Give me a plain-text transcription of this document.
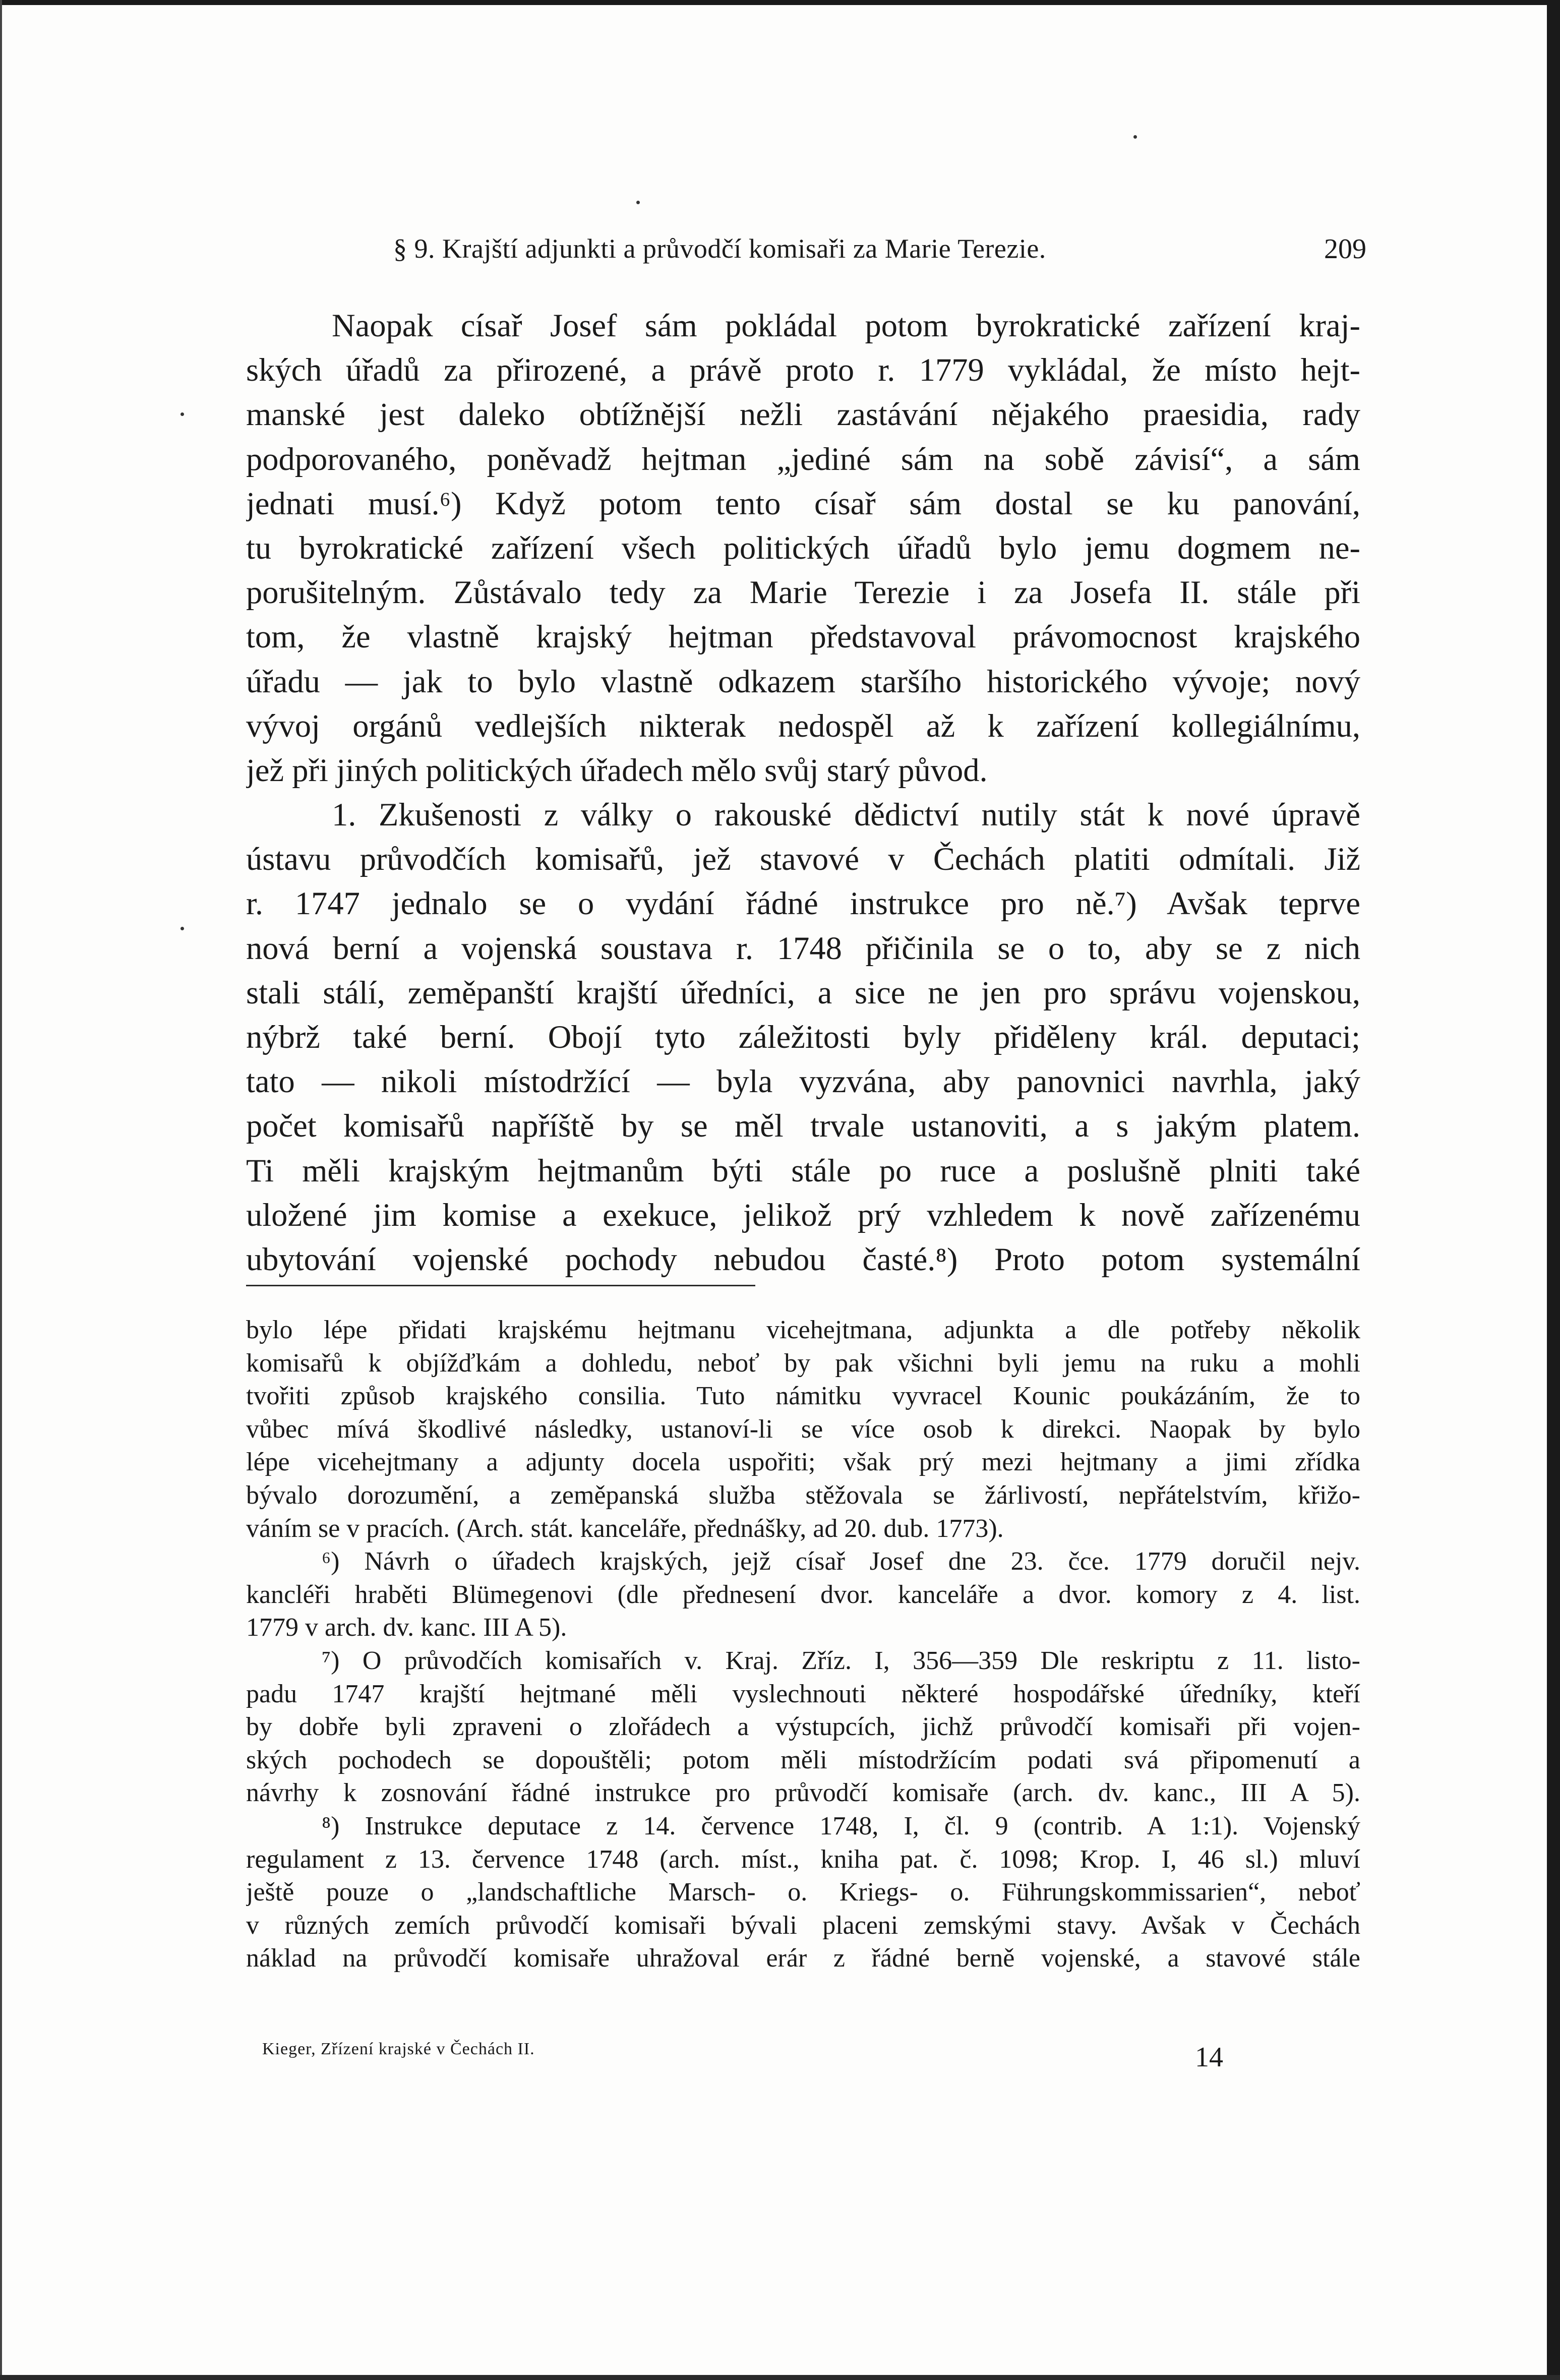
§ 9. Krajští adjunkti a průvodčí komisaři za Marie Terezie.	209
Naopak císař Josef sám pokládal potom byrokratické zařízení kraj-
ských úřadů za přirozené, a právě proto r. 1779 vykládal, že místo hejt-
manské jest daleko obtížnější nežli zastávání nějakého praesidia, rady
podporovaného, poněvadž hejtman „jediné sám na sobě závisí“, a sám
jednati musí.⁶) Když potom tento císař sám dostal se ku panování,
tu byrokratické zařízení všech politických úřadů bylo jemu dogmem ne-
porušitelným. Zůstávalo tedy za Marie Terezie i za Josefa II. stále při
tom, že vlastně krajský hejtman představoval právomocnost krajského
úřadu — jak to bylo vlastně odkazem staršího historického vývoje; nový
vývoj orgánů vedlejších nikterak nedospěl až k zařízení kollegiálnímu,
jež při jiných politických úřadech mělo svůj starý původ.
1. Zkušenosti z války o rakouské dědictví nutily stát k nové úpravě
ústavu průvodčích komisařů, jež stavové v Čechách platiti odmítali. Již
r. 1747 jednalo se o vydání řádné instrukce pro ně.⁷) Avšak teprve
nová berní a vojenská soustava r. 1748 přičinila se o to, aby se z nich
stali stálí, zeměpanští krajští úředníci, a sice ne jen pro správu vojenskou,
nýbrž také berní. Obojí tyto záležitosti byly přiděleny král. deputaci;
tato — nikoli místodržící — byla vyzvána, aby panovnici navrhla, jaký
počet komisařů napříště by se měl trvale ustanoviti, a s jakým platem.
Ti měli krajským hejtmanům býti stále po ruce a poslušně plniti také
uložené jim komise a exekuce, jelikož prý vzhledem k nově zařízenému
ubytování vojenské pochody nebudou časté.⁸) Proto potom systemální
bylo lépe přidati krajskému hejtmanu vicehejtmana, adjunkta a dle potřeby několik
komisařů k objížďkám a dohledu, neboť by pak všichni byli jemu na ruku a mohli
tvořiti způsob krajského consilia. Tuto námitku vyvracel Kounic poukázáním, že to
vůbec mívá škodlivé následky, ustanoví-li se více osob k direkci. Naopak by bylo
lépe vicehejtmany a adjunty docela uspořiti; však prý mezi hejtmany a jimi zřídka
bývalo dorozumění, a zeměpanská služba stěžovala se žárlivostí, nepřátelstvím, křižo-
váním se v pracích. (Arch. stát. kanceláře, přednášky, ad 20. dub. 1773).
⁶) Návrh o úřadech krajských, jejž císař Josef dne 23. čce. 1779 doručil nejv.
kancléři hraběti Blümegenovi (dle přednesení dvor. kanceláře a dvor. komory z 4. list.
1779 v arch. dv. kanc. III A 5).
⁷) O průvodčích komisařích v. Kraj. Zříz. I, 356—359 Dle reskriptu z 11. listo-
padu 1747 krajští hejtmané měli vyslechnouti některé hospodářské úředníky, kteří
by dobře byli zpraveni o zlořádech a výstupcích, jichž průvodčí komisaři při vojen-
ských pochodech se dopouštěli; potom měli místodržícím podati svá připomenutí a
návrhy k zosnování řádné instrukce pro průvodčí komisaře (arch. dv. kanc., III A 5).
⁸) Instrukce deputace z 14. července 1748, I, čl. 9 (contrib. A 1:1). Vojenský
regulament z 13. července 1748 (arch. míst., kniha pat. č. 1098; Krop. I, 46 sl.) mluví
ještě pouze o „landschaftliche Marsch- o. Kriegs- o. Führungskommissarien“, neboť
v různých zemích průvodčí komisaři bývali placeni zemskými stavy. Avšak v Čechách
náklad na průvodčí komisaře uhražoval erár z řádné berně vojenské, a stavové stále
Kieger, Zřízení krajské v Čechách II.	14
